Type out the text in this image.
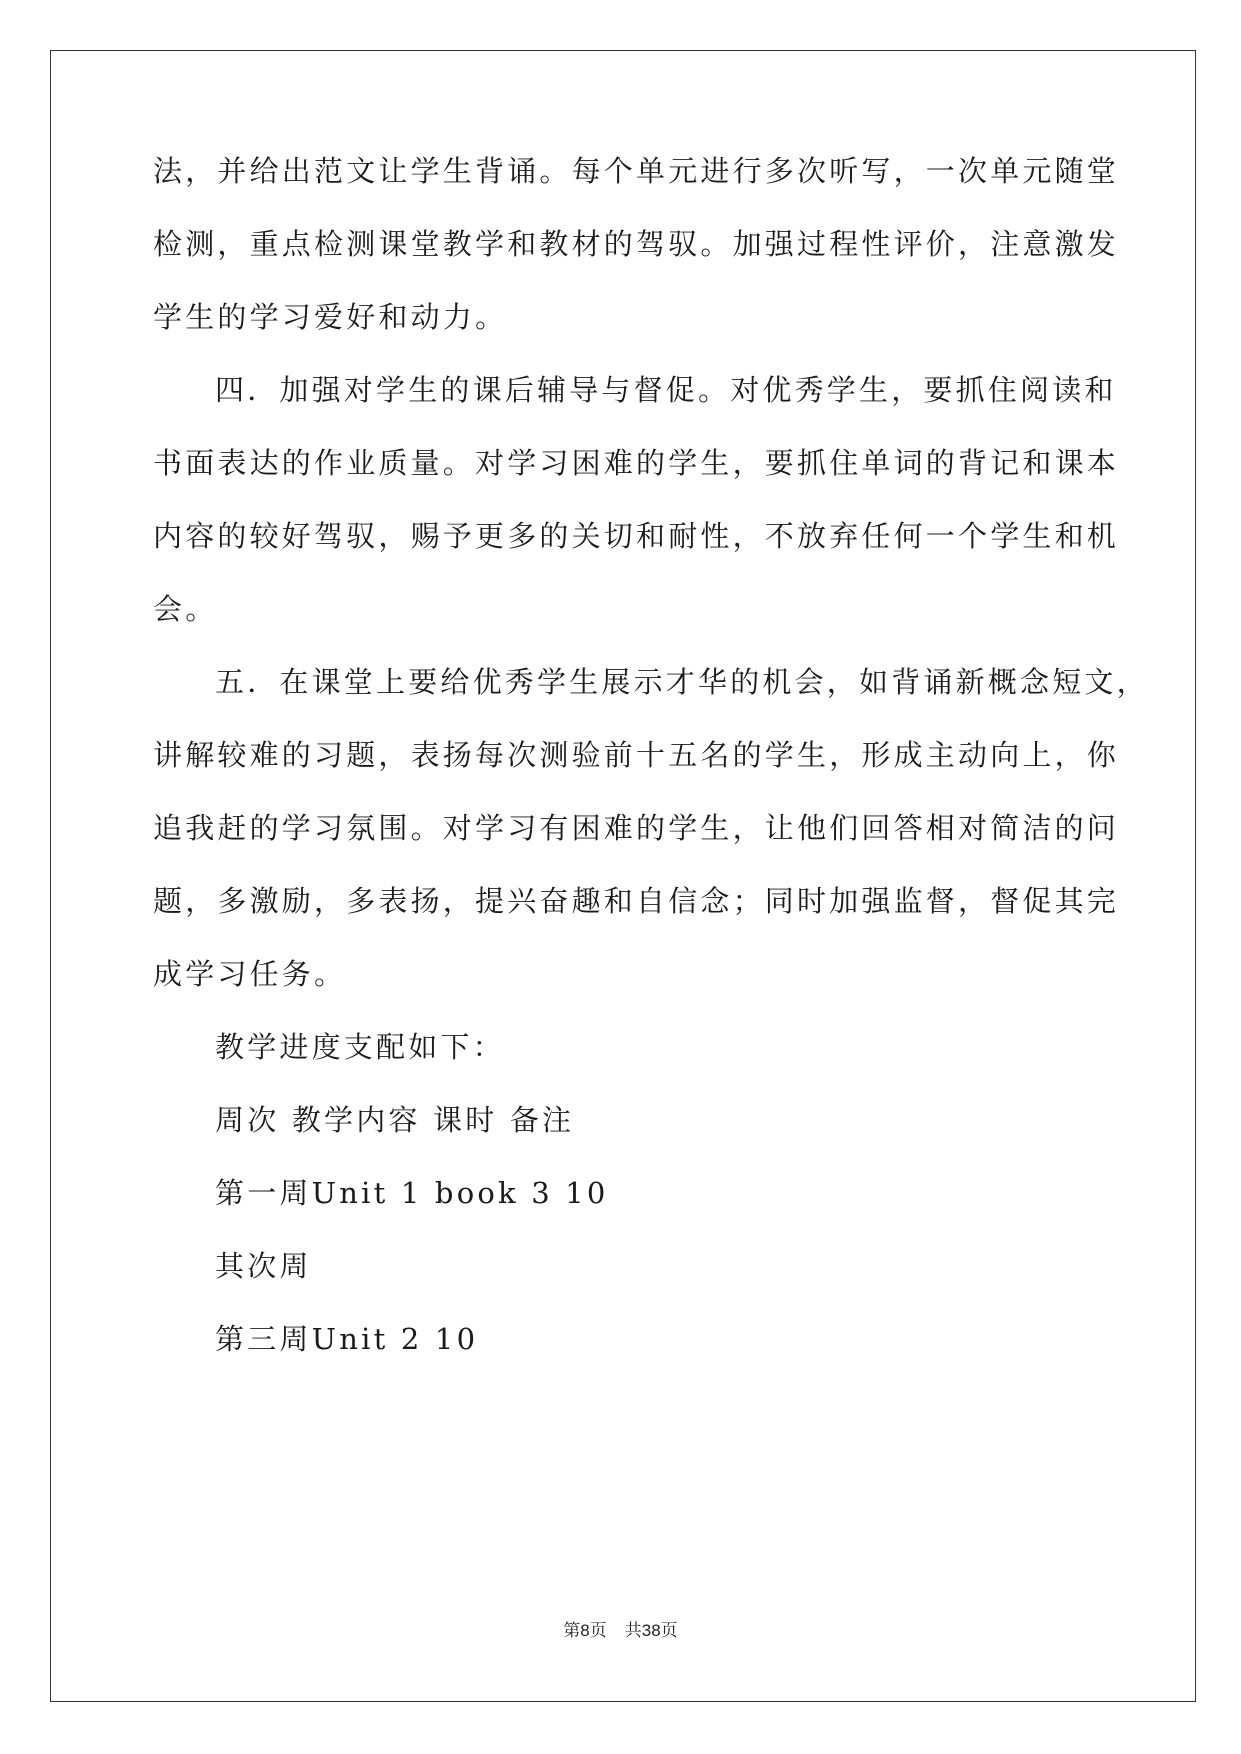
法，并给出范文让学生背诵。每个单元进行多次听写，一次单元随堂
检测，重点检测课堂教学和教材的驾驭。加强过程性评价，注意激发
学生的学习爱好和动力。
四．加强对学生的课后辅导与督促。对优秀学生，要抓住阅读和
书面表达的作业质量。对学习困难的学生，要抓住单词的背记和课本
内容的较好驾驭，赐予更多的关切和耐性，不放弃任何一个学生和机
会。
五．在课堂上要给优秀学生展示才华的机会，如背诵新概念短文，
讲解较难的习题，表扬每次测验前十五名的学生，形成主动向上，你
追我赶的学习氛围。对学习有困难的学生，让他们回答相对简洁的问
题，多激励，多表扬，提兴奋趣和自信念；同时加强监督，督促其完
成学习任务。
教学进度支配如下：
周次 教学内容 课时 备注
第一周Unit 1 book 3 10
其次周
第三周Unit 2 10
第8页 共38页
